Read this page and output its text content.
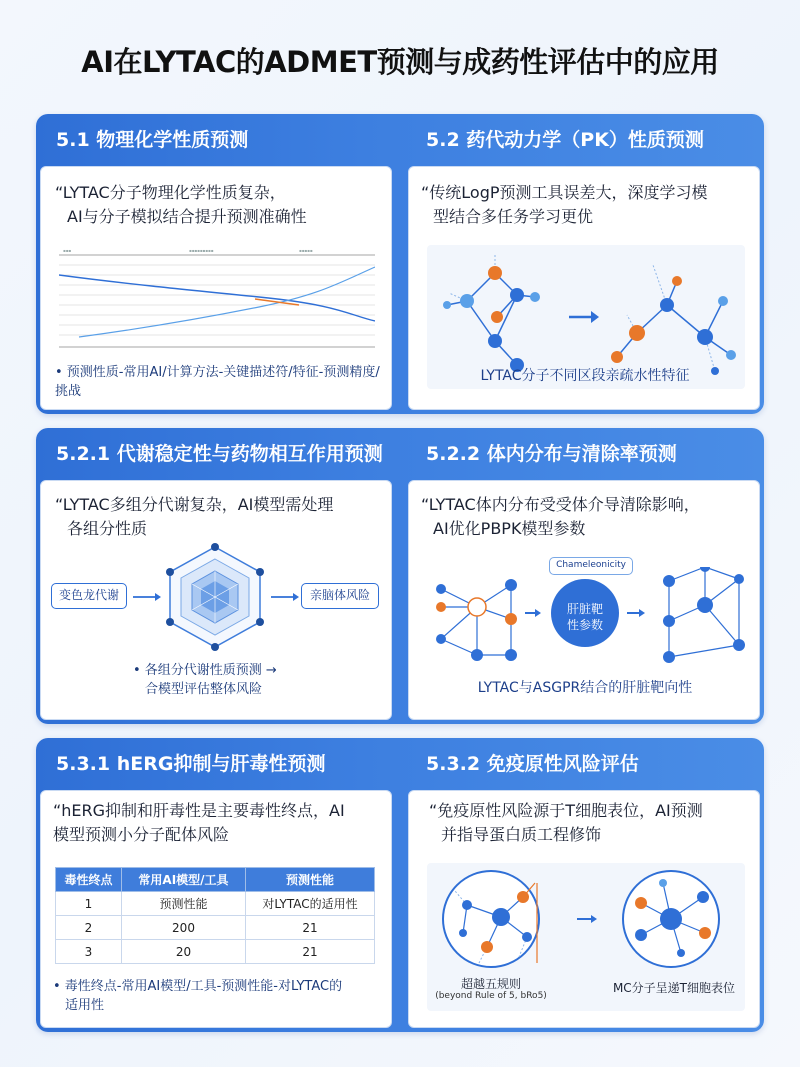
AI在LYTAC的ADMET预测与成药性评估中的应用
5.1 物理化学性质预测	5.2 药代动力学（PK）性质预测
“LYTAC分子物理化学性质复杂，
AI与分子模拟结合提升预测准确性
▪▪▪	▪▪▪▪▪▪▪▪▪	▪▪▪▪▪
• 预测性质-常用AI/计算方法-关键描述符/特征-预测精度/挑战
“传统LogP预测工具误差大，深度学习模
型结合多任务学习更优
LYTAC分子不同区段亲疏水性特征
5.2.1 代谢稳定性与药物相互作用预测 5.2.2 体内分布与清除率预测
“LYTAC多组分代谢复杂，AI模型需处理
各组分性质
变色龙代谢	亲脑体风险
• 各组分代谢性质预测 →
合模型评估整体风险
“LYTAC体内分布受受体介导清除影响，
AI优化PBPK模型参数
Chameleonicity
肝脏靶
性参数
LYTAC与ASGPR结合的肝脏靶向性
5.3.1 hERG抑制与肝毒性预测	5.3.2 免疫原性风险评估
“hERG抑制和肝毒性是主要毒性终点，AI
模型预测小分子配体风险
毒性终点	常用AI模型/工具	预测性能
1	预测性能	对LYTAC的适用性
2	200	21
3	20	21
• 毒性终点-常用AI模型/工具-预测性能-对LYTAC的
适用性
“免疫原性风险源于T细胞表位，AI预测
并指导蛋白质工程修饰
超越五规则
(beyond Rule of 5, bRo5)
MC分子呈递T细胞表位
